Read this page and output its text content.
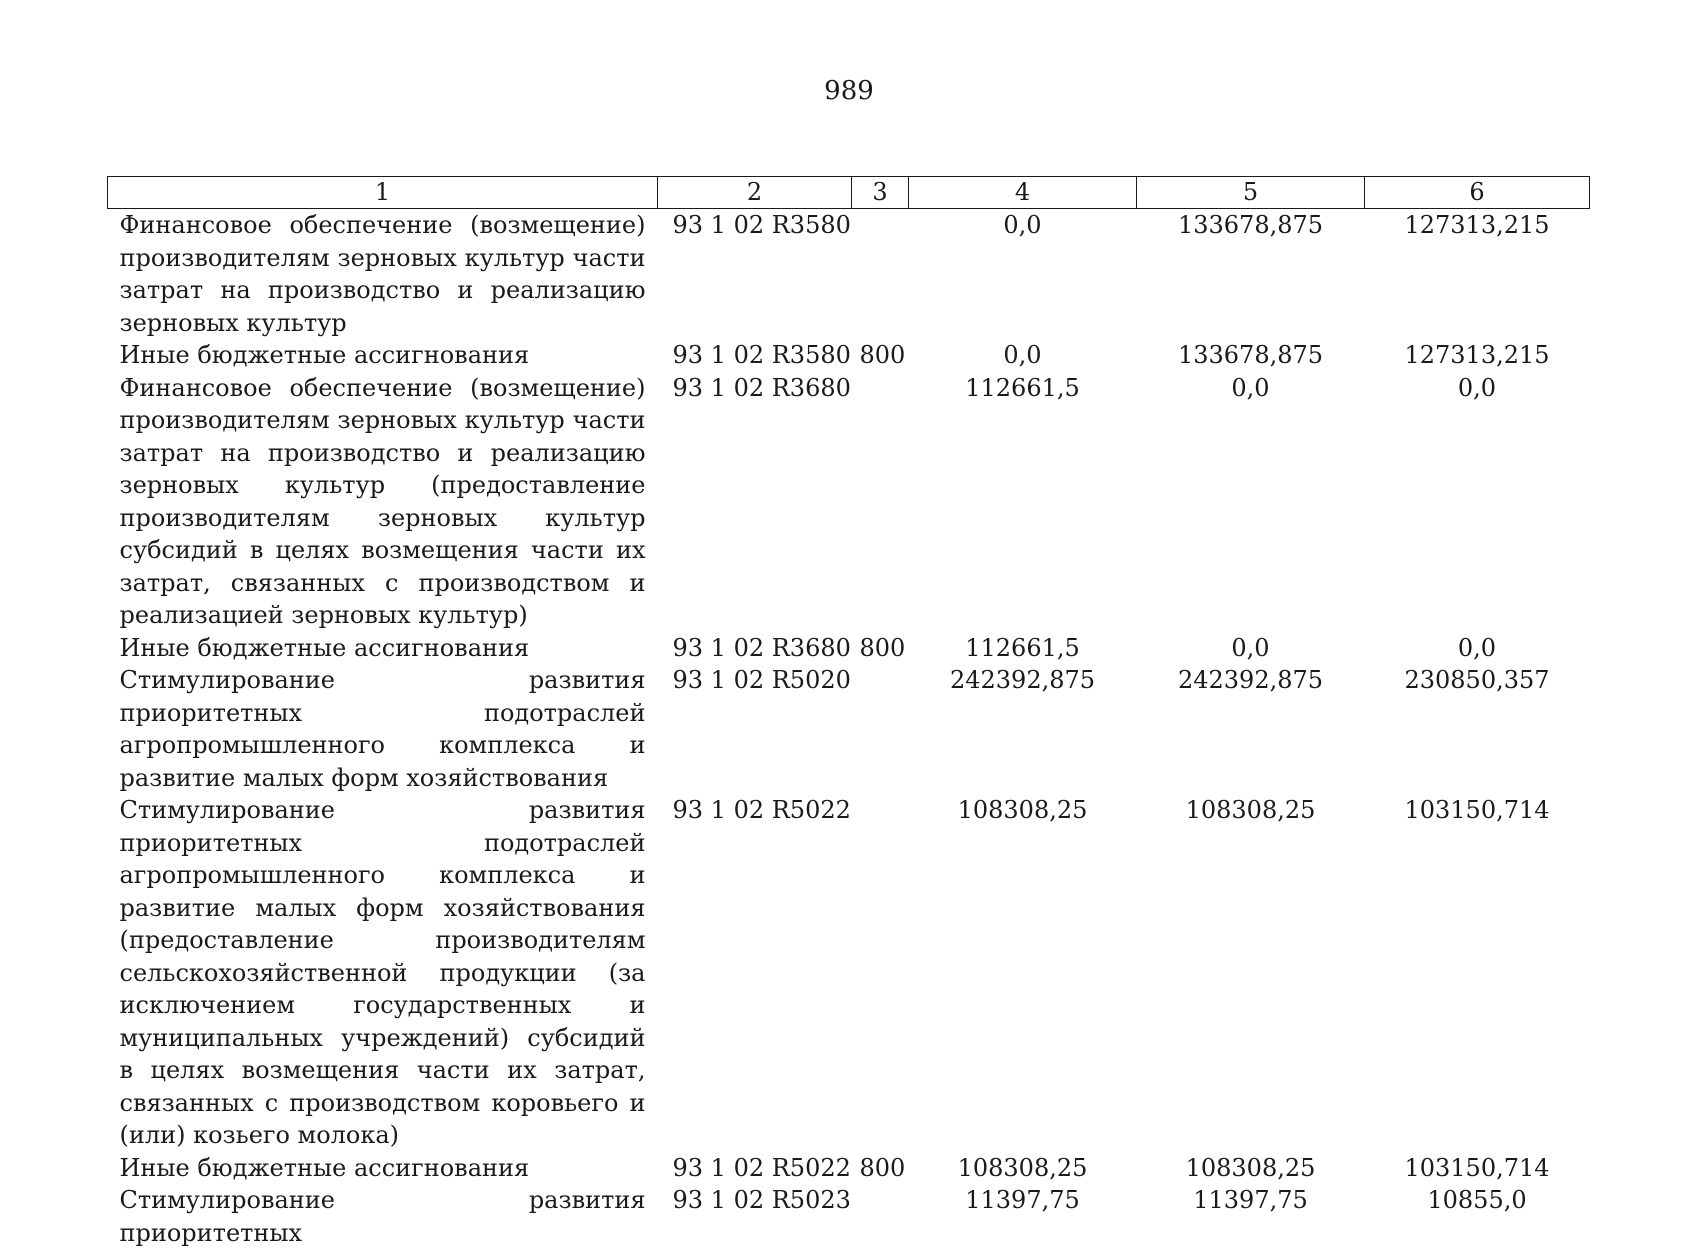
989
1	2	3	4	5	6
Финансовое обеспечение (возмещение) производителям зерновых культур части затрат на производство и реализацию зерновых культур	93 1 02 R3580		0,0	133678,875	127313,215
Иные бюджетные ассигнования	93 1 02 R3580	800	0,0	133678,875	127313,215
Финансовое обеспечение (возмещение) производителям зерновых культур части затрат на производство и реализацию зерновых культур (предоставление производителям зерновых культур субсидий в целях возмещения части их затрат, связанных с производством и реализацией зерновых культур)	93 1 02 R3680		112661,5	0,0	0,0
Иные бюджетные ассигнования	93 1 02 R3680	800	112661,5	0,0	0,0
Стимулирование развития приоритетных подотраслей агропромышленного комплекса и развитие малых форм хозяйствования	93 1 02 R5020		242392,875	242392,875	230850,357
Стимулирование развития приоритетных подотраслей агропромышленного комплекса и развитие малых форм хозяйствования (предоставление производителям сельскохозяйственной продукции (за исключением государственных и муниципальных учреждений) субсидий в целях возмещения части их затрат, связанных с производством коровьего и (или) козьего молока)	93 1 02 R5022		108308,25	108308,25	103150,714
Иные бюджетные ассигнования	93 1 02 R5022	800	108308,25	108308,25	103150,714
Стимулирование развития приоритетных	93 1 02 R5023		11397,75	11397,75	10855,0
